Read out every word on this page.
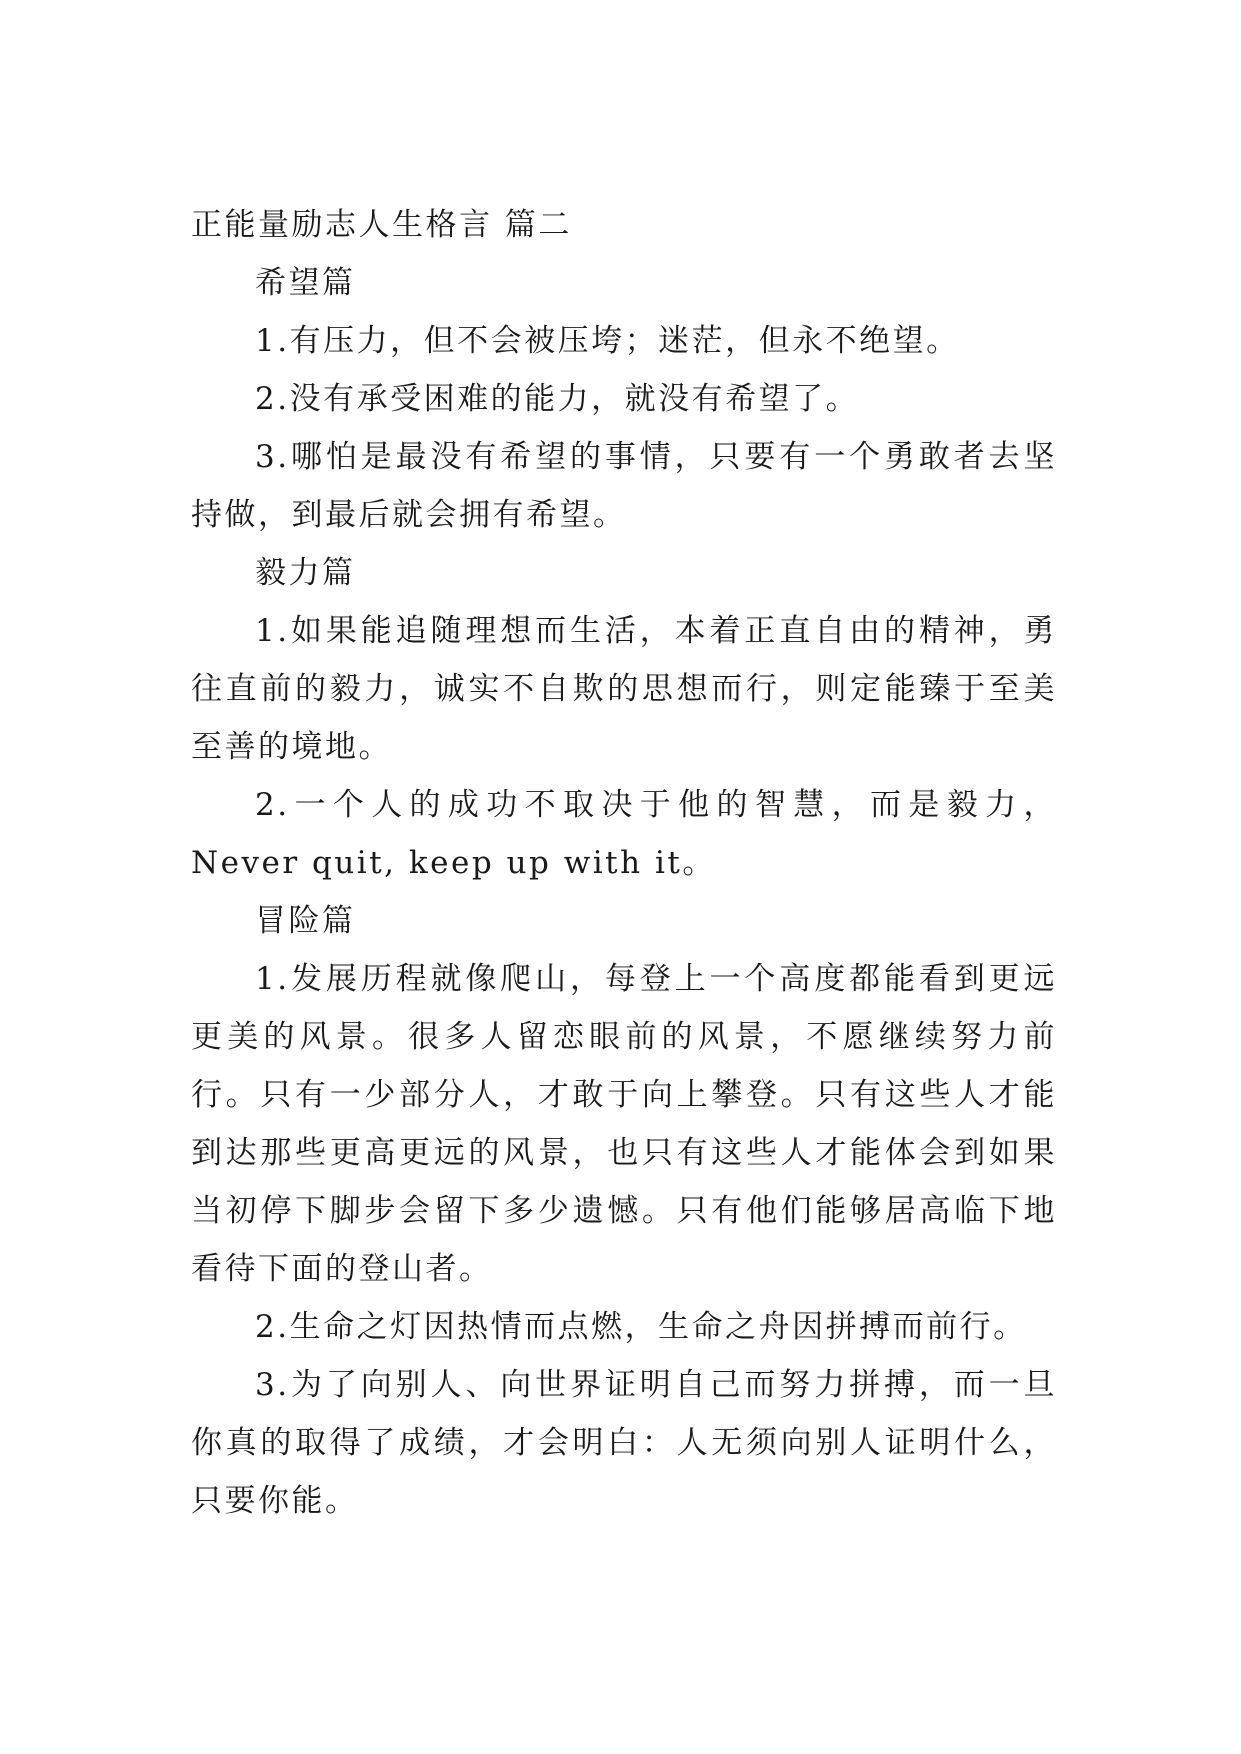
正能量励志人生格言 篇二
希望篇

1.有压力，但不会被压垮；迷茫，但永不绝望。

2.没有承受困难的能力，就没有希望了。

3.哪怕是最没有希望的事情，只要有一个勇敢者去坚持做，到最后就会拥有希望。

毅力篇

1.如果能追随理想而生活，本着正直自由的精神，勇往直前的毅力，诚实不自欺的思想而行，则定能臻于至美至善的境地。

2.一个人的成功不取决于他的智慧，而是毅力，Never quit, keep up with it。

冒险篇

1.发展历程就像爬山，每登上一个高度都能看到更远更美的风景。很多人留恋眼前的风景，不愿继续努力前行。只有一少部分人，才敢于向上攀登。只有这些人才能到达那些更高更远的风景，也只有这些人才能体会到如果当初停下脚步会留下多少遗憾。只有他们能够居高临下地看待下面的登山者。

2.生命之灯因热情而点燃，生命之舟因拼搏而前行。

3.为了向别人、向世界证明自己而努力拼搏，而一旦你真的取得了成绩，才会明白：人无须向别人证明什么，只要你能。
